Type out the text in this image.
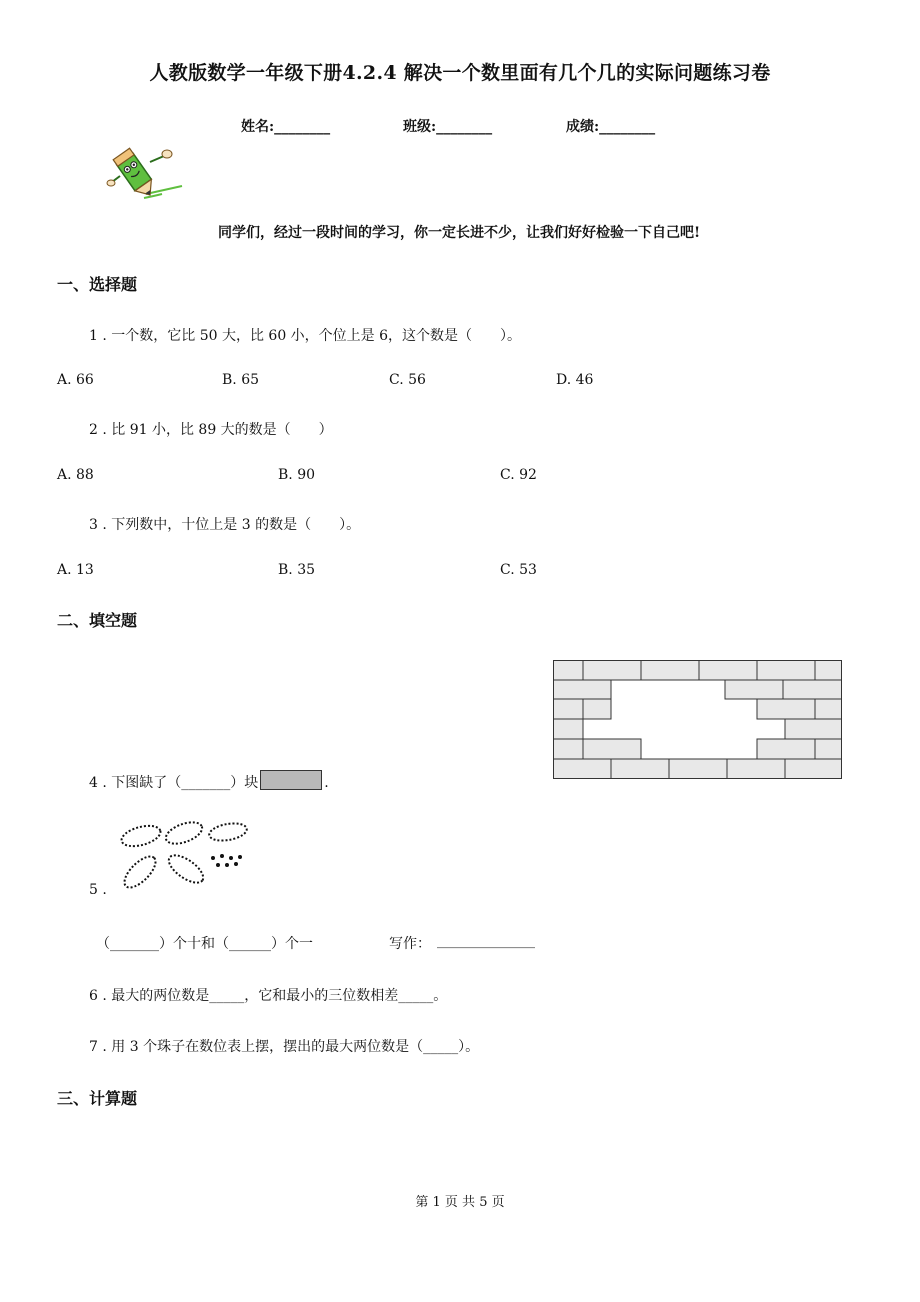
人教版数学一年级下册4.2.4 解决一个数里面有几个几的实际问题练习卷
姓名:________	班级:________	成绩:________
同学们，经过一段时间的学习，你一定长进不少，让我们好好检验一下自己吧!
一、选择题
1 . 一个数，它比 50 大，比 60 小，个位上是 6，这个数是（　　）。
A. 66	B. 65	C. 56	D. 46
2 . 比 91 小，比 89 大的数是（　　）
A. 88	B. 90	C. 92
3 . 下列数中，十位上是 3 的数是（　　）。
A. 13	B. 35	C. 53
二、填空题
4 . 下图缺了（_______）块	.
5 .
（_______）个十和（______）个一	写作： ______________
6 . 最大的两位数是_____，它和最小的三位数相差_____。
7 . 用 3 个珠子在数位表上摆，摆出的最大两位数是（_____）。
三、计算题
第 1 页 共 5 页
